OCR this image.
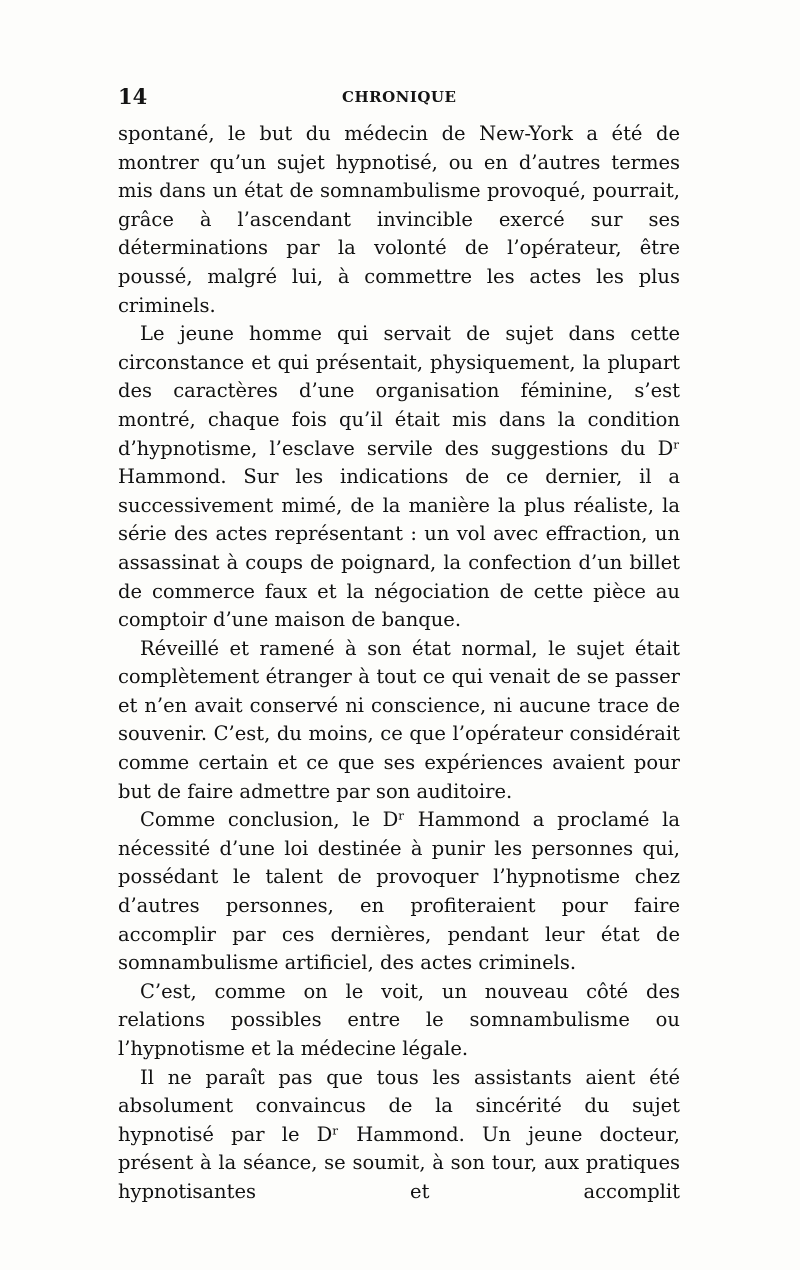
14	CHRONIQUE

spontané, le but du médecin de New-York a été de montrer qu’un sujet hypnotisé, ou en d’autres termes mis dans un état de somnambulisme provoqué, pourrait, grâce à l’ascendant invincible exercé sur ses déterminations par la volonté de l’opérateur, être poussé, malgré lui, à commettre les actes les plus criminels.

Le jeune homme qui servait de sujet dans cette circonstance et qui présentait, physiquement, la plupart des caractères d’une organisation féminine, s’est montré, chaque fois qu’il était mis dans la condition d’hypnotisme, l’esclave servile des suggestions du Dʳ Hammond. Sur les indications de ce dernier, il a successivement mimé, de la manière la plus réaliste, la série des actes représentant : un vol avec effraction, un assassinat à coups de poignard, la confection d’un billet de commerce faux et la négociation de cette pièce au comptoir d’une maison de banque.

Réveillé et ramené à son état normal, le sujet était complètement étranger à tout ce qui venait de se passer et n’en avait conservé ni conscience, ni aucune trace de souvenir. C’est, du moins, ce que l’opérateur considérait comme certain et ce que ses expériences avaient pour but de faire admettre par son auditoire.

Comme conclusion, le Dʳ Hammond a proclamé la nécessité d’une loi destinée à punir les personnes qui, possédant le talent de provoquer l’hypnotisme chez d’autres personnes, en profiteraient pour faire accomplir par ces dernières, pendant leur état de somnambulisme artificiel, des actes criminels.

C’est, comme on le voit, un nouveau côté des relations possibles entre le somnambulisme ou l’hypnotisme et la médecine légale.

Il ne paraît pas que tous les assistants aient été absolument convaincus de la sincérité du sujet hypnotisé par le Dʳ Hammond. Un jeune docteur, présent à la séance, se soumit, à son tour, aux pratiques hypnotisantes et accomplit
